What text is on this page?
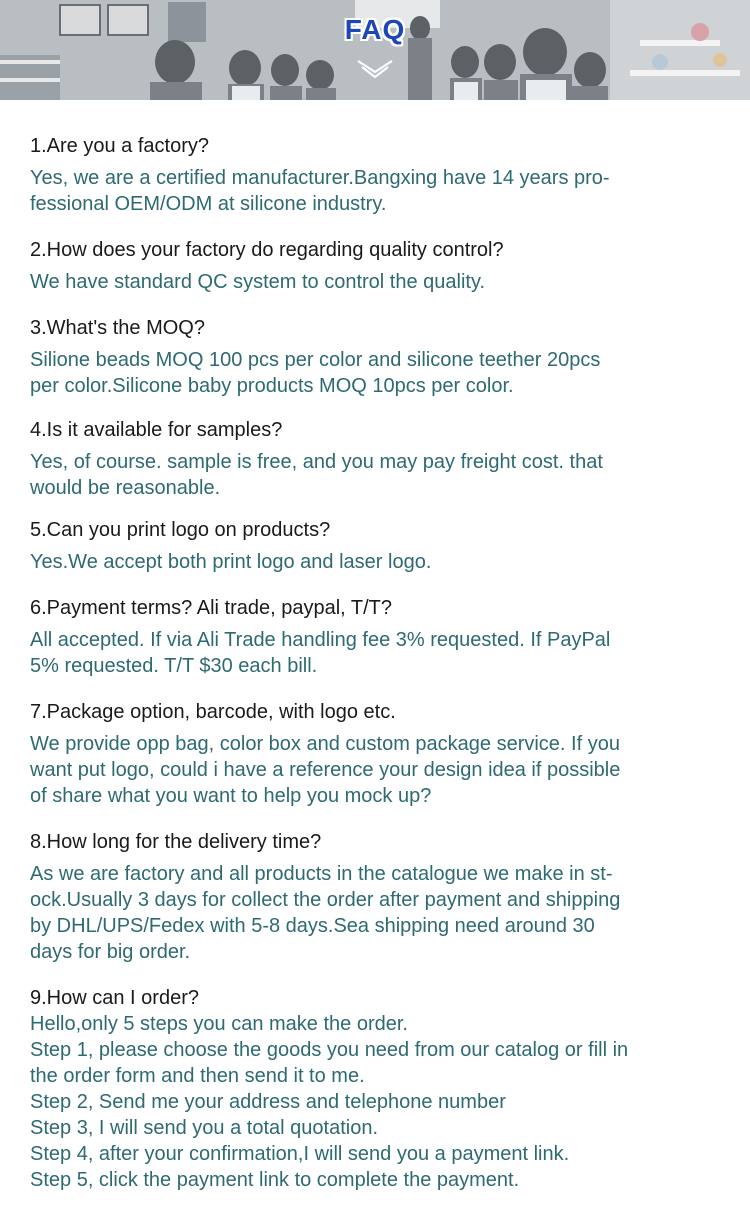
FAQ
1.Are you a factory?
Yes, we are a certified manufacturer.Bangxing have 14 years pro-
fessional OEM/ODM at silicone industry.
2.How does your factory do regarding quality control?
We have standard QC system to control the quality.
3.What's the MOQ?
Silione beads MOQ 100 pcs per color and silicone teether 20pcs
per color.Silicone baby products MOQ 10pcs per color.
4.Is it available for samples?
Yes, of course. sample is free, and you may pay freight cost. that
would be reasonable.
5.Can you print logo on products?
Yes.We accept both print logo and laser logo.
6.Payment terms? Ali trade, paypal, T/T?
All accepted. If via Ali Trade handling fee 3% requested. If PayPal
5% requested. T/T $30 each bill.
7.Package option, barcode, with logo etc.
We provide opp bag, color box and custom package service. If you
want put logo, could i have a reference your design idea if possible
of share what you want to help you mock up?
8.How long for the delivery time?
As we are factory and all products in the catalogue we make in st-
ock.Usually 3 days for collect the order after payment and shipping
by DHL/UPS/Fedex with 5-8 days.Sea shipping need around 30
days for big order.
9.How can I order?
Hello,only 5 steps you can make the order.
Step 1, please choose the goods you need from our catalog or fill in
the order form and then send it to me.
Step 2, Send me your address and telephone number
Step 3, I will send you a total quotation.
Step 4, after your confirmation,I will send you a payment link.
Step 5, click the payment link to complete the payment.
